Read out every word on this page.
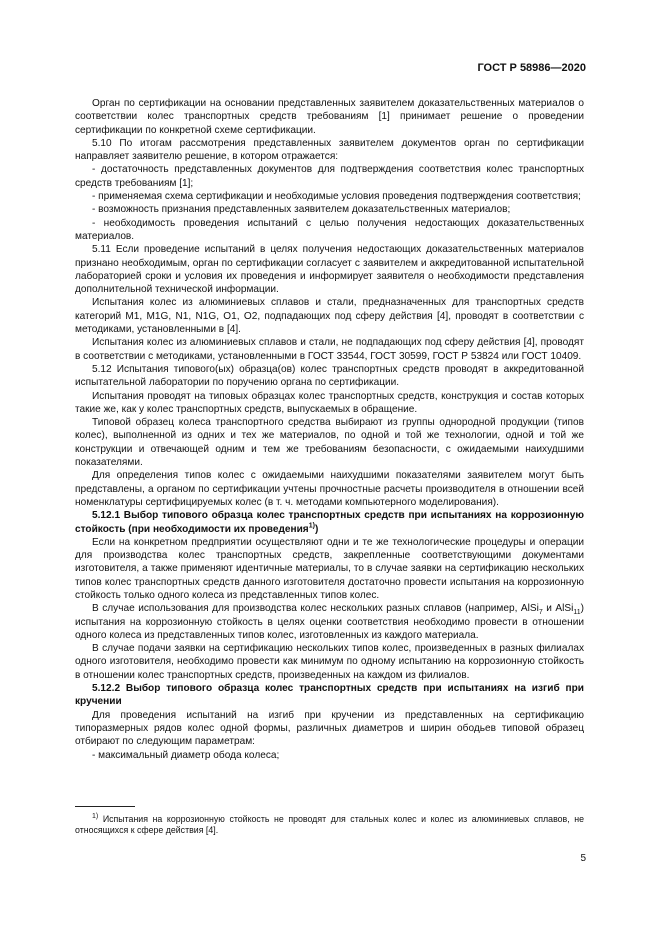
ГОСТ Р 58986—2020

Орган по сертификации на основании представленных заявителем доказательственных материалов о соответствии колес транспортных средств требованиям [1] принимает решение о проведении сертификации по конкретной схеме сертификации.

5.10 По итогам рассмотрения представленных заявителем документов орган по сертификации направляет заявителю решение, в котором отражается:

- достаточность представленных документов для подтверждения соответствия колес транспортных средств требованиям [1];

- применяемая схема сертификации и необходимые условия проведения подтверждения соответствия;

- возможность признания представленных заявителем доказательственных материалов;

- необходимость проведения испытаний с целью получения недостающих доказательственных материалов.

5.11 Если проведение испытаний в целях получения недостающих доказательственных материалов признано необходимым, орган по сертификации согласует с заявителем и аккредитованной испытательной лабораторией сроки и условия их проведения и информирует заявителя о необходимости представления дополнительной технической информации.

Испытания колес из алюминиевых сплавов и стали, предназначенных для транспортных средств категорий М1, М1G, N1, N1G, О1, О2, подпадающих под сферу действия [4], проводят в соответствии с методиками, установленными в [4].

Испытания колес из алюминиевых сплавов и стали, не подпадающих под сферу действия [4], проводят в соответствии с методиками, установленными в ГОСТ 33544, ГОСТ 30599, ГОСТ Р 53824 или ГОСТ 10409.

5.12 Испытания типового(ых) образца(ов) колес транспортных средств проводят в аккредитованной испытательной лаборатории по поручению органа по сертификации.

Испытания проводят на типовых образцах колес транспортных средств, конструкция и состав которых такие же, как у колес транспортных средств, выпускаемых в обращение.

Типовой образец колеса транспортного средства выбирают из группы однородной продукции (типов колес), выполненной из одних и тех же материалов, по одной и той же технологии, одной и той же конструкции и отвечающей одним и тем же требованиям безопасности, с ожидаемыми наихудшими показателями.

Для определения типов колес с ожидаемыми наихудшими показателями заявителем могут быть представлены, а органом по сертификации учтены прочностные расчеты производителя в отношении всей номенклатуры сертифицируемых колес (в т. ч. методами компьютерного моделирования).

5.12.1 Выбор типового образца колес транспортных средств при испытаниях на коррозионную стойкость (при необходимости их проведения$^{1)}$)

Если на конкретном предприятии осуществляют одни и те же технологические процедуры и операции для производства колес транспортных средств, закрепленные соответствующими документами изготовителя, а также применяют идентичные материалы, то в случае заявки на сертификацию нескольких типов колес транспортных средств данного изготовителя достаточно провести испытания на коррозионную стойкость только одного колеса из представленных типов колес.

В случае использования для производства колес нескольких разных сплавов (например, AlSi$_7$ и AlSi$_{11}$) испытания на коррозионную стойкость в целях оценки соответствия необходимо провести в отношении одного колеса из представленных типов колес, изготовленных из каждого материала.

В случае подачи заявки на сертификацию нескольких типов колес, произведенных в разных филиалах одного изготовителя, необходимо провести как минимум по одному испытанию на коррозионную стойкость в отношении колес транспортных средств, произведенных на каждом из филиалов.

5.12.2 Выбор типового образца колес транспортных средств при испытаниях на изгиб при кручении

Для проведения испытаний на изгиб при кручении из представленных на сертификацию типоразмерных рядов колес одной формы, различных диаметров и ширин ободьев типовой образец отбирают по следующим параметрам:

- максимальный диаметр обода колеса;

$^{1)}$ Испытания на коррозионную стойкость не проводят для стальных колес и колес из алюминиевых сплавов, не относящихся к сфере действия [4].

5
